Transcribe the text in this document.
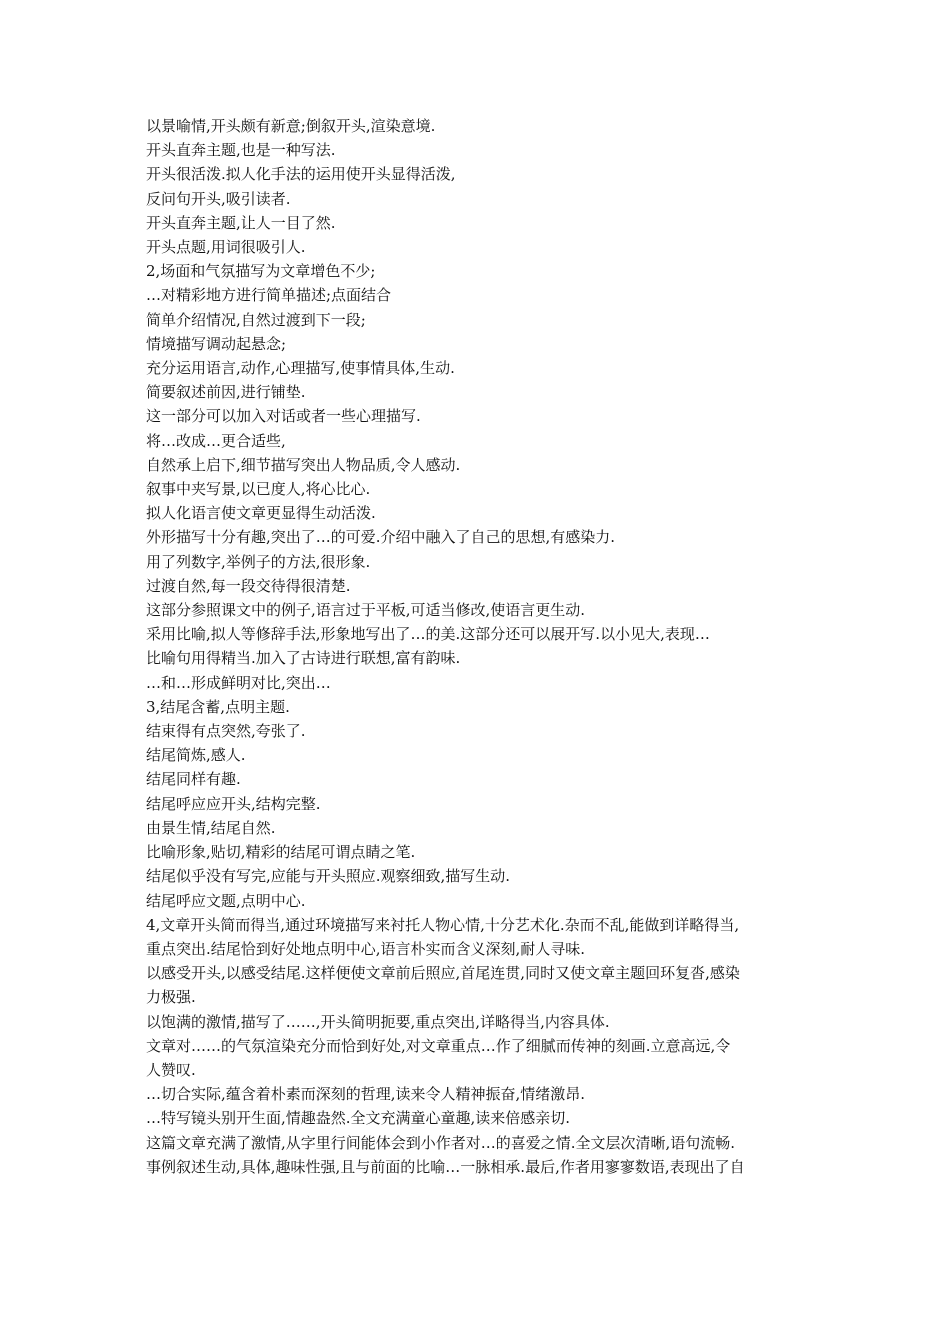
以景喻情,开头颇有新意;倒叙开头,渲染意境.

开头直奔主题,也是一种写法.

开头很活泼.拟人化手法的运用使开头显得活泼,

反问句开头,吸引读者.

开头直奔主题,让人一目了然.

开头点题,用词很吸引人.

2,场面和气氛描写为文章增色不少;

…对精彩地方进行简单描述;点面结合

简单介绍情况,自然过渡到下一段;

情境描写调动起悬念;

充分运用语言,动作,心理描写,使事情具体,生动.

简要叙述前因,进行铺垫.

这一部分可以加入对话或者一些心理描写.

将…改成…更合适些,

自然承上启下,细节描写突出人物品质,令人感动.

叙事中夹写景,以已度人,将心比心.

拟人化语言使文章更显得生动活泼.

外形描写十分有趣,突出了…的可爱.介绍中融入了自己的思想,有感染力.

用了列数字,举例子的方法,很形象.

过渡自然,每一段交待得很清楚.

这部分参照课文中的例子,语言过于平板,可适当修改,使语言更生动.

采用比喻,拟人等修辞手法,形象地写出了…的美.这部分还可以展开写.以小见大,表现…

比喻句用得精当.加入了古诗进行联想,富有韵味.

…和…形成鲜明对比,突出…

3,结尾含蓄,点明主题.

结束得有点突然,夸张了.

结尾简炼,感人.

结尾同样有趣.

结尾呼应应开头,结构完整.

由景生情,结尾自然.

比喻形象,贴切,精彩的结尾可谓点睛之笔.

结尾似乎没有写完,应能与开头照应.观察细致,描写生动.

结尾呼应文题,点明中心.

4,文章开头简而得当,通过环境描写来衬托人物心情,十分艺术化.杂而不乱,能做到详略得当,

重点突出.结尾恰到好处地点明中心,语言朴实而含义深刻,耐人寻味.

以感受开头,以感受结尾.这样便使文章前后照应,首尾连贯,同时又使文章主题回环复沓,感染

力极强.

以饱满的激情,描写了……,开头简明扼要,重点突出,详略得当,内容具体.

文章对……的气氛渲染充分而恰到好处,对文章重点…作了细腻而传神的刻画.立意高远,令

人赞叹.

…切合实际,蕴含着朴素而深刻的哲理,读来令人精神振奋,情绪激昂.

…特写镜头别开生面,情趣盎然.全文充满童心童趣,读来倍感亲切.

这篇文章充满了激情,从字里行间能体会到小作者对…的喜爱之情.全文层次清晰,语句流畅.

事例叙述生动,具体,趣味性强,且与前面的比喻…一脉相承.最后,作者用寥寥数语,表现出了自
